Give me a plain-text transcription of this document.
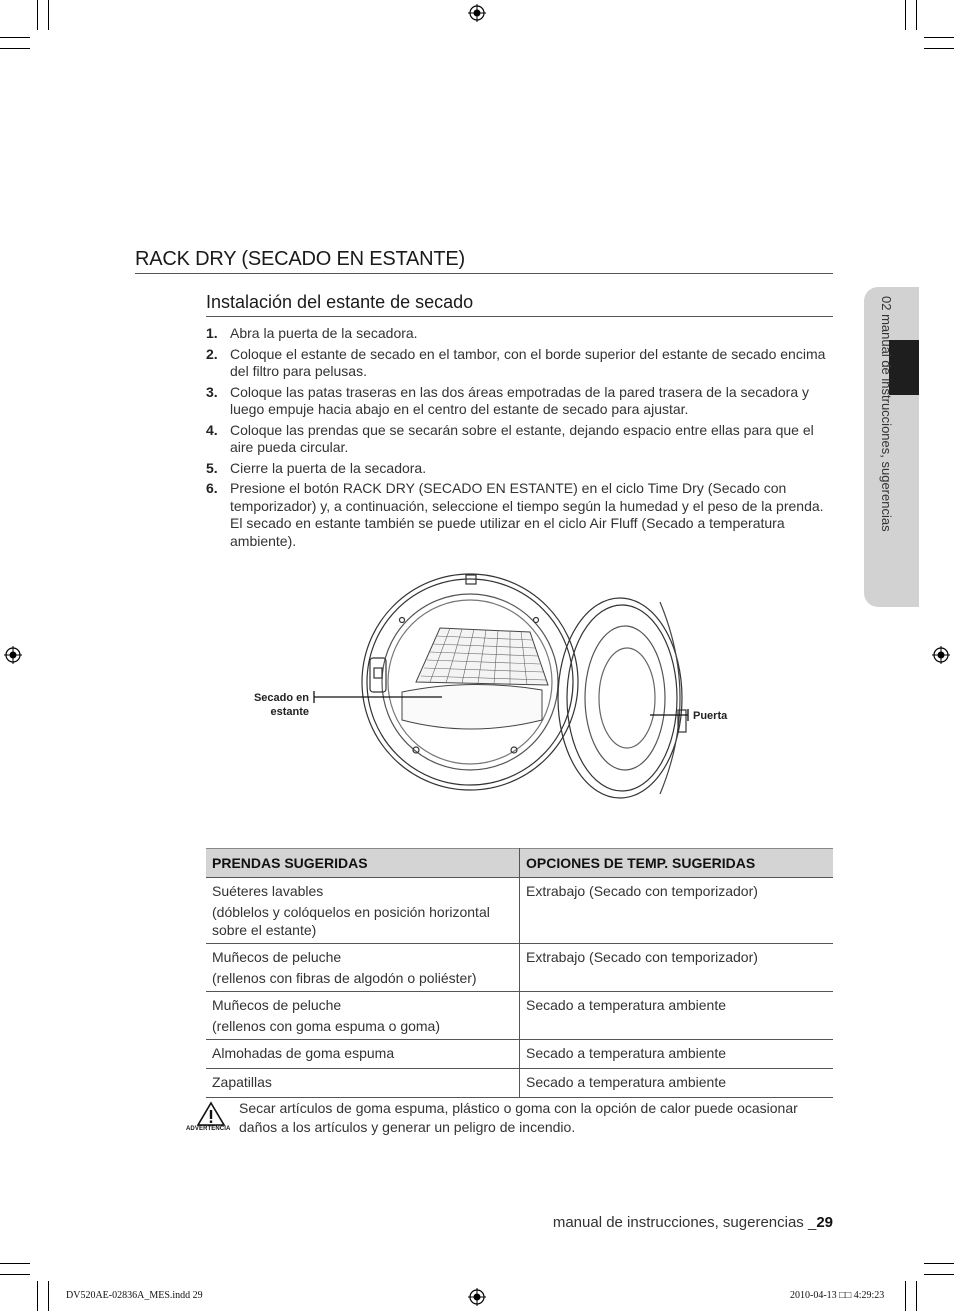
02 manual de instrucciones, sugerencias
RACK DRY (SECADO EN ESTANTE)
Instalación del estante de secado
1. Abra la puerta de la secadora.
2. Coloque el estante de secado en el tambor, con el borde superior del estante de secado encima del filtro para pelusas.
3. Coloque las patas traseras en las dos áreas empotradas de la pared trasera de la secadora y luego empuje hacia abajo en el centro del estante de secado para ajustar.
4. Coloque las prendas que se secarán sobre el estante, dejando espacio entre ellas para que el aire pueda circular.
5. Cierre la puerta de la secadora.
6. Presione el botón RACK DRY (SECADO EN ESTANTE) en el ciclo Time Dry (Secado con temporizador) y, a continuación, seleccione el tiempo según la humedad y el peso de la prenda. El secado en estante también se puede utilizar en el ciclo Air Fluff (Secado a temperatura ambiente).
Secado en
estante	Puerta
PRENDAS SUGERIDAS	OPCIONES DE TEMP. SUGERIDAS
Suéteres lavables
(dóblelos y colóquelos en posición horizontal sobre el estante)	Extrabajo (Secado con temporizador)
Muñecos de peluche
(rellenos con fibras de algodón o poliéster)	Extrabajo (Secado con temporizador)
Muñecos de peluche
(rellenos con goma espuma o goma)	Secado a temperatura ambiente
Almohadas de goma espuma	Secado a temperatura ambiente
Zapatillas	Secado a temperatura ambiente
ADVERTENCIA
Secar artículos de goma espuma, plástico o goma con la opción de calor puede ocasionar daños a los artículos y generar un peligro de incendio.
manual de instrucciones, sugerencias _29
DV520AE-02836A_MES.indd 29	2010-04-13 □□ 4:29:23
